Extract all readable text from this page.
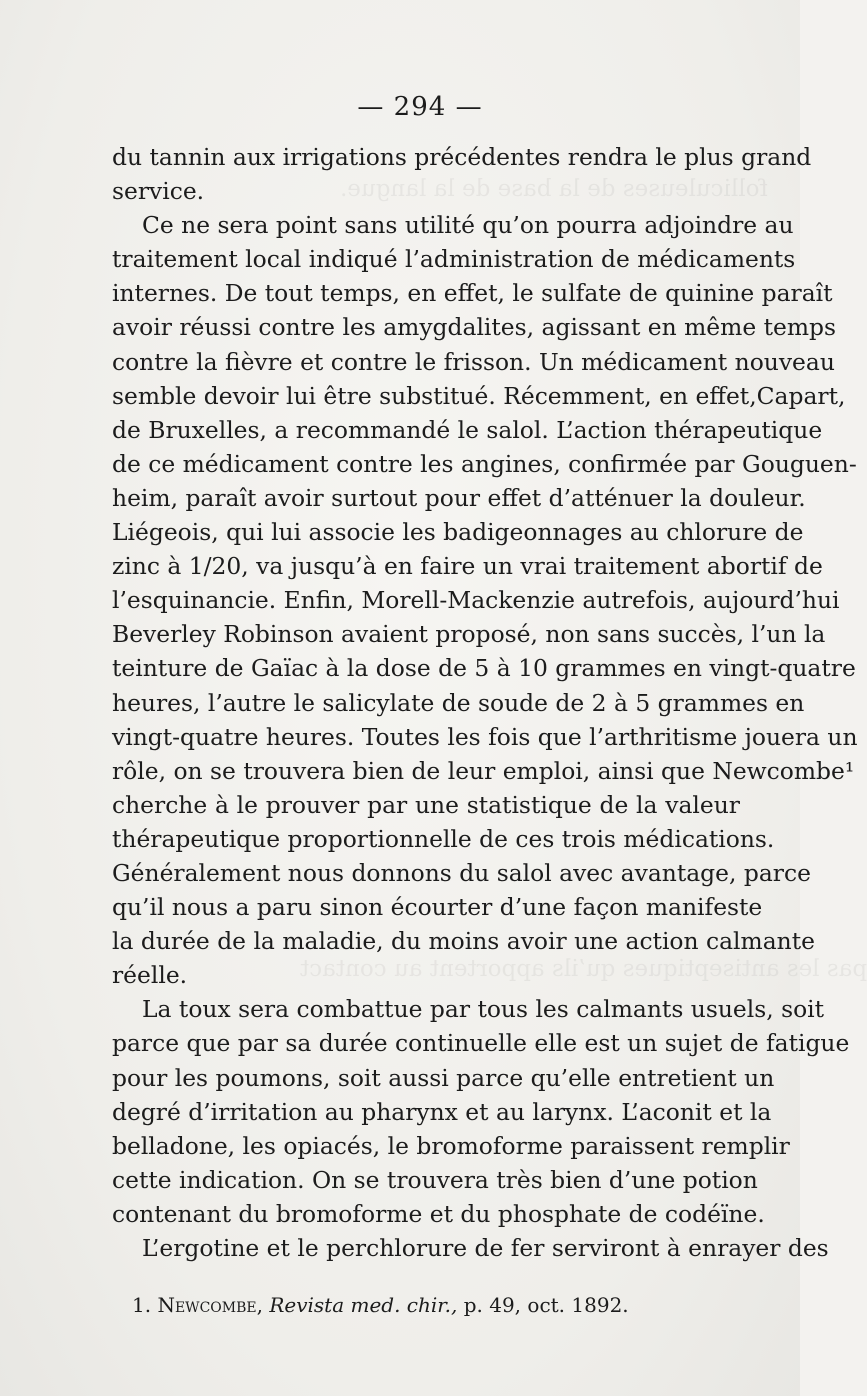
folliculeuses de la base de la langue.
pas les antiseptiques qu’ils apportent au contact
— 294 —
du tannin aux irrigations précédentes rendra le plus grand
service.
Ce ne sera point sans utilité qu’on pourra adjoindre au
traitement local indiqué l’administration de médicaments
internes. De tout temps, en effet, le sulfate de quinine paraît
avoir réussi contre les amygdalites, agissant en même temps
contre la fièvre et contre le frisson. Un médicament nouveau
semble devoir lui être substitué. Récemment, en effet,Capart,
de Bruxelles, a recommandé le salol. L’action thérapeutique
de ce médicament contre les angines, confirmée par Gouguen-
heim, paraît avoir surtout pour effet d’atténuer la douleur.
Liégeois, qui lui associe les badigeonnages au chlorure de
zinc à 1/20, va jusqu’à en faire un vrai traitement abortif de
l’esquinancie. Enfin, Morell-Mackenzie autrefois, aujourd’hui
Beverley Robinson avaient proposé, non sans succès, l’un la
teinture de Gaïac à la dose de 5 à 10 grammes en vingt-quatre
heures, l’autre le salicylate de soude de 2 à 5 grammes en
vingt-quatre heures. Toutes les fois que l’arthritisme jouera un
rôle, on se trouvera bien de leur emploi, ainsi que Newcombe¹
cherche à le prouver par une statistique de la valeur
thérapeutique proportionnelle de ces trois médications.
Généralement nous donnons du salol avec avantage, parce
qu’il nous a paru sinon écourter d’une façon manifeste
la durée de la maladie, du moins avoir une action calmante
réelle.
La toux sera combattue par tous les calmants usuels, soit
parce que par sa durée continuelle elle est un sujet de fatigue
pour les poumons, soit aussi parce qu’elle entretient un
degré d’irritation au pharynx et au larynx. L’aconit et la
belladone, les opiacés, le bromoforme paraissent remplir
cette indication. On se trouvera très bien d’une potion
contenant du bromoforme et du phosphate de codéïne.
L’ergotine et le perchlorure de fer serviront à enrayer des
1. Newcombe, Revista med. chir., p. 49, oct. 1892.
